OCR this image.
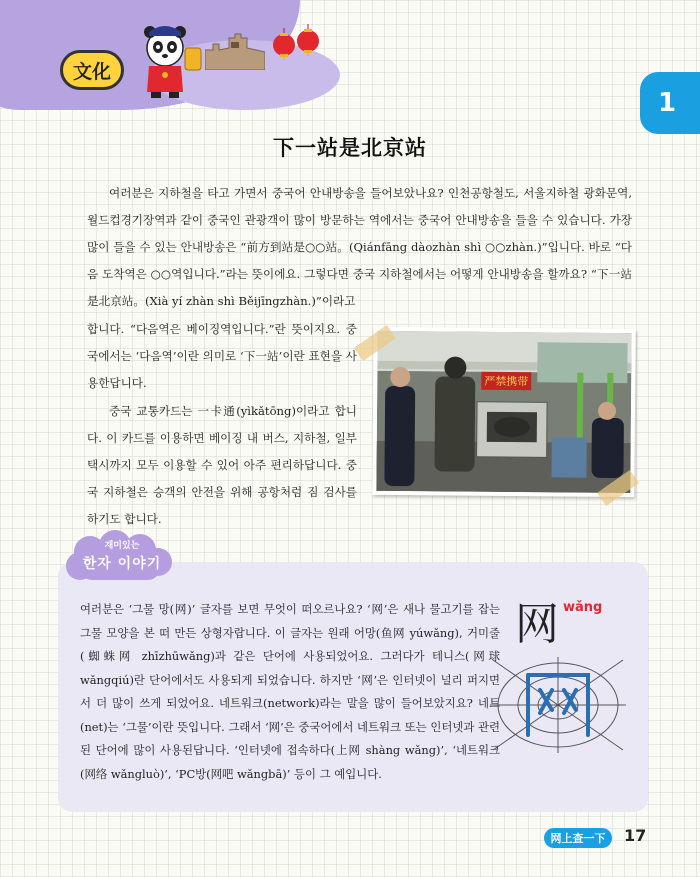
文化
1
下一站是北京站

여러분은 지하철을 타고 가면서 중국어 안내방송을 들어보았나요? 인천공항철도, 서울지하철 광화문역, 월드컵경기장역과 같이 중국인 관광객이 많이 방문하는 역에서는 중국어 안내방송을 들을 수 있습니다. 가장 많이 들을 수 있는 안내방송은 “前方到站是○○站。(Qiánfāng dàozhàn shì ○○zhàn.)”입니다. 바로 “다음 도착역은 ○○역입니다.”라는 뜻이에요. 그렇다면 중국 지하철에서는 어떻게 안내방송을 할까요? “下一站是北京站。(Xià yí zhàn shì Běijīngzhàn.)”이라고

합니다. “다음역은 베이징역입니다.”란 뜻이지요. 중국에서는 ‘다음역’이란 의미로 ‘下一站’이란 표현을 사용한답니다.

중국 교통카드는 一卡通(yìkǎtōng)이라고 합니다. 이 카드를 이용하면 베이징 내 버스, 지하철, 일부 택시까지 모두 이용할 수 있어 아주 편리하답니다. 중국 지하철은 승객의 안전을 위해 공항처럼 짐 검사를 하기도 합니다.

严禁携带
재미있는
한자 이야기

여러분은 ‘그물 망(网)’ 글자를 보면 무엇이 떠오르나요? ‘网’은 새나 물고기를 잡는 그물 모양을 본 떠 만든 상형자랍니다. 이 글자는 원래 어망(鱼网 yúwǎng), 거미줄(蜘蛛网 zhīzhūwǎng)과 같은 단어에 사용되었어요. 그러다가 테니스(网球 wǎngqiú)란 단어에서도 사용되게 되었습니다. 하지만 ‘网’은 인터넷이 널리 퍼지면서 더 많이 쓰게 되었어요. 네트워크(network)라는 말을 많이 들어보았지요? 네트(net)는 ‘그물’이란 뜻입니다. 그래서 ‘网’은 중국어에서 네트워크 또는 인터넷과 관련된 단어에 많이 사용된답니다. ‘인터넷에 접속하다(上网 shàng wǎng)’, ‘네트워크(网络 wǎngluò)’, ‘PC방(网吧 wǎngbā)’ 등이 그 예입니다.

网 wǎng
网上查一下	17
